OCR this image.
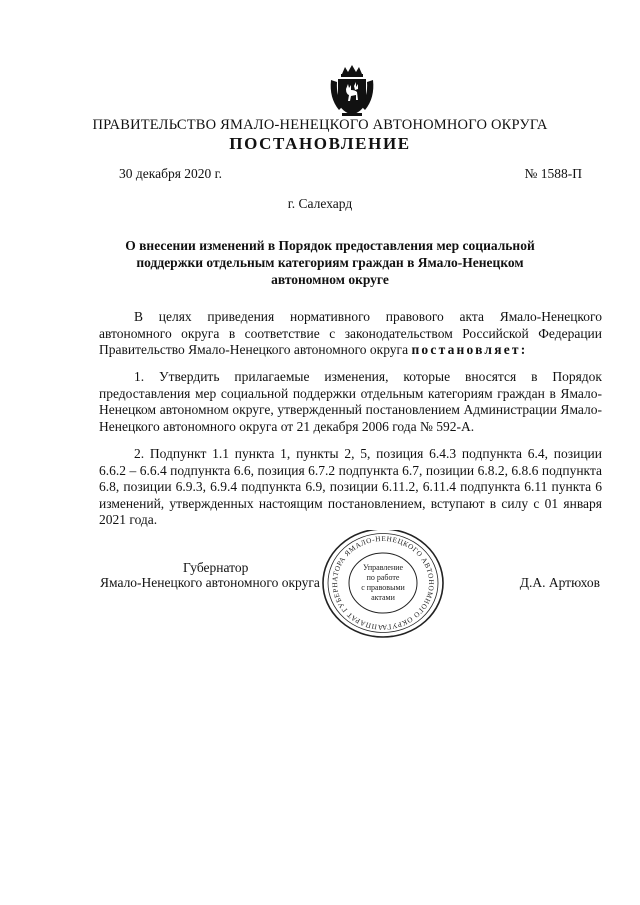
ПРАВИТЕЛЬСТВО ЯМАЛО-НЕНЕЦКОГО АВТОНОМНОГО ОКРУГА
ПОСТАНОВЛЕНИЕ
30 декабря 2020 г.	№ 1588-П
г. Салехард
О внесении изменений в Порядок предоставления мер социальной поддержки отдельным категориям граждан в Ямало-Ненецком автономном округе

В целях приведения нормативного правового акта Ямало-Ненецкого автономного округа в соответствие с законодательством Российской Федерации Правительство Ямало-Ненецкого автономного округа постановляет:

1. Утвердить прилагаемые изменения, которые вносятся в Порядок предоставления мер социальной поддержки отдельным категориям граждан в Ямало-Ненецком автономном округе, утвержденный постановлением Администрации Ямало-Ненецкого автономного округа от 21 декабря 2006 года № 592-А.

2. Подпункт 1.1 пункта 1, пункты 2, 5, позиция 6.4.3 подпункта 6.4, позиции 6.6.2 – 6.6.4 подпункта 6.6, позиция 6.7.2 подпункта 6.7, позиции 6.8.2, 6.8.6 подпункта 6.8, позиции 6.9.3, 6.9.4 подпункта 6.9, позиции 6.11.2, 6.11.4 подпункта 6.11 пункта 6 изменений, утвержденных настоящим постановлением, вступают в силу с 01 января 2021 года.

Губернатор
Ямало-Ненецкого автономного округа	Д.А. Артюхов
АППАРАТ ГУБЕРНАТОРА ЯМАЛО-НЕНЕЦКОГО АВТОНОМНОГО ОКРУГА
Управление
по работе
с правовыми
актами
